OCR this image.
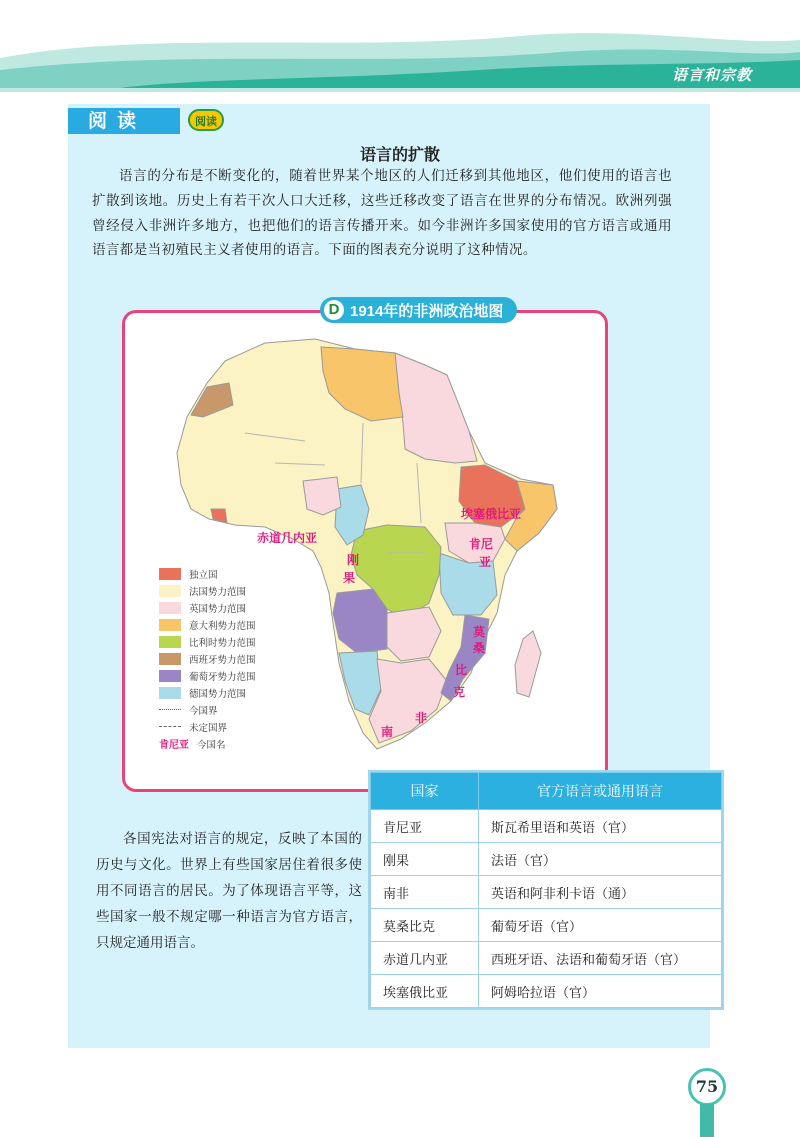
语言和宗教
阅读	阅读
语言的扩散

语言的分布是不断变化的，随着世界某个地区的人们迁移到其他地区，他们使用的语言也扩散到该地。历史上有若干次人口大迁移，这些迁移改变了语言在世界的分布情况。欧洲列强曾经侵入非洲许多地方，也把他们的语言传播开来。如今非洲许多国家使用的官方语言或通用语言都是当初殖民主义者使用的语言。下面的图表充分说明了这种情况。

独立国
法国势力范围
英国势力范围
意大利势力范围
比利时势力范围
西班牙势力范围
葡萄牙势力范围
德国势力范围
今国界
未定国界
肯尼亚 今国名
埃塞俄比亚
赤道几内亚
刚
果
肯尼
亚
莫
桑
比
克
南
非
D 1914年的非洲政治地图
国家	官方语言或通用语言
肯尼亚	斯瓦希里语和英语（官）
刚果	法语（官）
南非	英语和阿非利卡语（通）
莫桑比克	葡萄牙语（官）
赤道几内亚	西班牙语、法语和葡萄牙语（官）
埃塞俄比亚	阿姆哈拉语（官）

各国宪法对语言的规定，反映了本国的历史与文化。世界上有些国家居住着很多使用不同语言的居民。为了体现语言平等，这些国家一般不规定哪一种语言为官方语言，只规定通用语言。

75
